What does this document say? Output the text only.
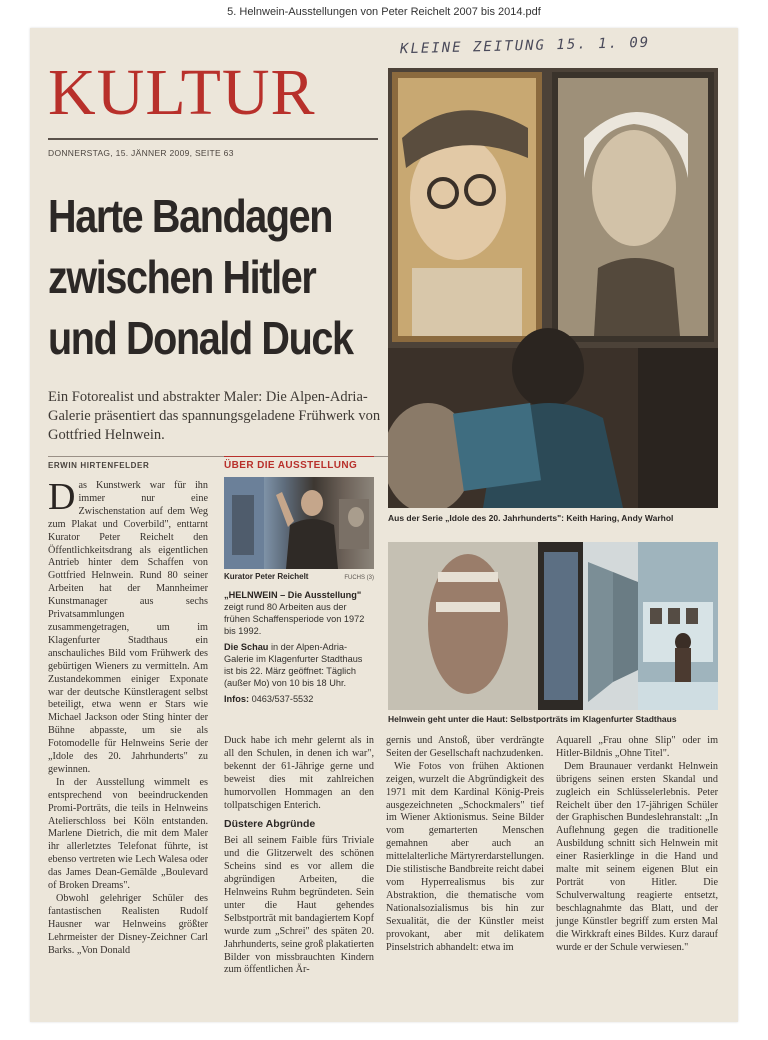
5. Helnwein-Ausstellungen von Peter Reichelt 2007 bis 2014.pdf
KLEINE ZEITUNG 15. 1. 09
KULTUR
DONNERSTAG, 15. JÄNNER 2009, SEITE 63
Harte Bandagen
zwischen Hitler
und Donald Duck
Ein Fotorealist und abstrakter Maler: Die Alpen-Adria-Galerie präsentiert das spannungsgeladene Frühwerk von Gottfried Helnwein.
ERWIN HIRTENFELDER

Das Kunstwerk war für ihn immer nur eine Zwischenstation auf dem Weg zum Plakat und Coverbild", enttarnt Kurator Peter Reichelt den Öffentlichkeitsdrang als eigentlichen Antrieb hinter dem Schaffen von Gottfried Helnwein. Rund 80 seiner Arbeiten hat der Mannheimer Kunstmanager aus sechs Privatsammlungen zusammengetragen, um im Klagenfurter Stadthaus ein anschauliches Bild vom Frühwerk des gebürtigen Wieners zu vermitteln. Am Zustandekommen einiger Exponate war der deutsche Künstleragent selbst beteiligt, etwa wenn er Stars wie Michael Jackson oder Sting hinter der Bühne abpasste, um sie als Fotomodelle für Helnweins Serie der „Idole des 20. Jahrhunderts" zu gewinnen.

In der Ausstellung wimmelt es entsprechend von beeindruckenden Promi-Porträts, die teils in Helnweins Atelierschloss bei Köln entstanden. Marlene Dietrich, die mit dem Maler ihr allerletztes Telefonat führte, ist ebenso vertreten wie Lech Walesa oder das James Dean-Gemälde „Boulevard of Broken Dreams".

Obwohl gelehriger Schüler des fantastischen Realisten Rudolf Hausner war Helnweins größter Lehrmeister der Disney-Zeichner Carl Barks. „Von Donald

ÜBER DIE AUSSTELLUNG
Kurator Peter Reichelt	FUCHS (3)

„HELNWEIN – Die Ausstellung" zeigt rund 80 Arbeiten aus der frühen Schaffensperiode von 1972 bis 1992.

Die Schau in der Alpen-Adria-Galerie im Klagenfurter Stadthaus ist bis 22. März geöffnet: Täglich (außer Mo) von 10 bis 18 Uhr.

Infos: 0463/537-5532

Duck habe ich mehr gelernt als in all den Schulen, in denen ich war", bekennt der 61-Jährige gerne und beweist dies mit zahlreichen humorvollen Hommagen an den tollpatschigen Enterich.

Düstere Abgründe

Bei all seinem Faible fürs Triviale und die Glitzerwelt des schönen Scheins sind es vor allem die abgründigen Arbeiten, die Helnweins Ruhm begründeten. Sein unter die Haut gehendes Selbstporträt mit bandagiertem Kopf wurde zum „Schrei" des späten 20. Jahrhunderts, seine groß plakatierten Bilder von missbrauchten Kindern zum öffentlichen Är-

gernis und Anstoß, über verdrängte Seiten der Gesellschaft nachzudenken.

Wie Fotos von frühen Aktionen zeigen, wurzelt die Abgründigkeit des 1971 mit dem Kardinal König-Preis ausgezeichneten „Schockmalers" tief im Wiener Aktionismus. Seine Bilder vom gemarterten Menschen gemahnen aber auch an mittelalterliche Märtyrerdarstellungen. Die stilistische Bandbreite reicht dabei vom Hyperrealismus bis zur Abstraktion, die thematische vom Nationalsozialismus bis hin zur Sexualität, die der Künstler meist provokant, aber mit delikatem Pinselstrich abhandelt: etwa im

Aquarell „Frau ohne Slip" oder im Hitler-Bildnis „Ohne Titel".

Dem Braunauer verdankt Helnwein übrigens seinen ersten Skandal und zugleich ein Schlüsselerlebnis. Peter Reichelt über den 17-jährigen Schüler der Graphischen Bundeslehranstalt: „In Auflehnung gegen die traditionelle Ausbildung schnitt sich Helnwein mit einer Rasierklinge in die Hand und malte mit seinem eigenen Blut ein Porträt von Hitler. Die Schulverwaltung reagierte entsetzt, beschlagnahmte das Blatt, und der junge Künstler begriff zum ersten Mal die Wirkkraft eines Bildes. Kurz darauf wurde er der Schule verwiesen."

Aus der Serie „Idole des 20. Jahrhunderts": Keith Haring, Andy Warhol
Helnwein geht unter die Haut: Selbstporträts im Klagenfurter Stadthaus
